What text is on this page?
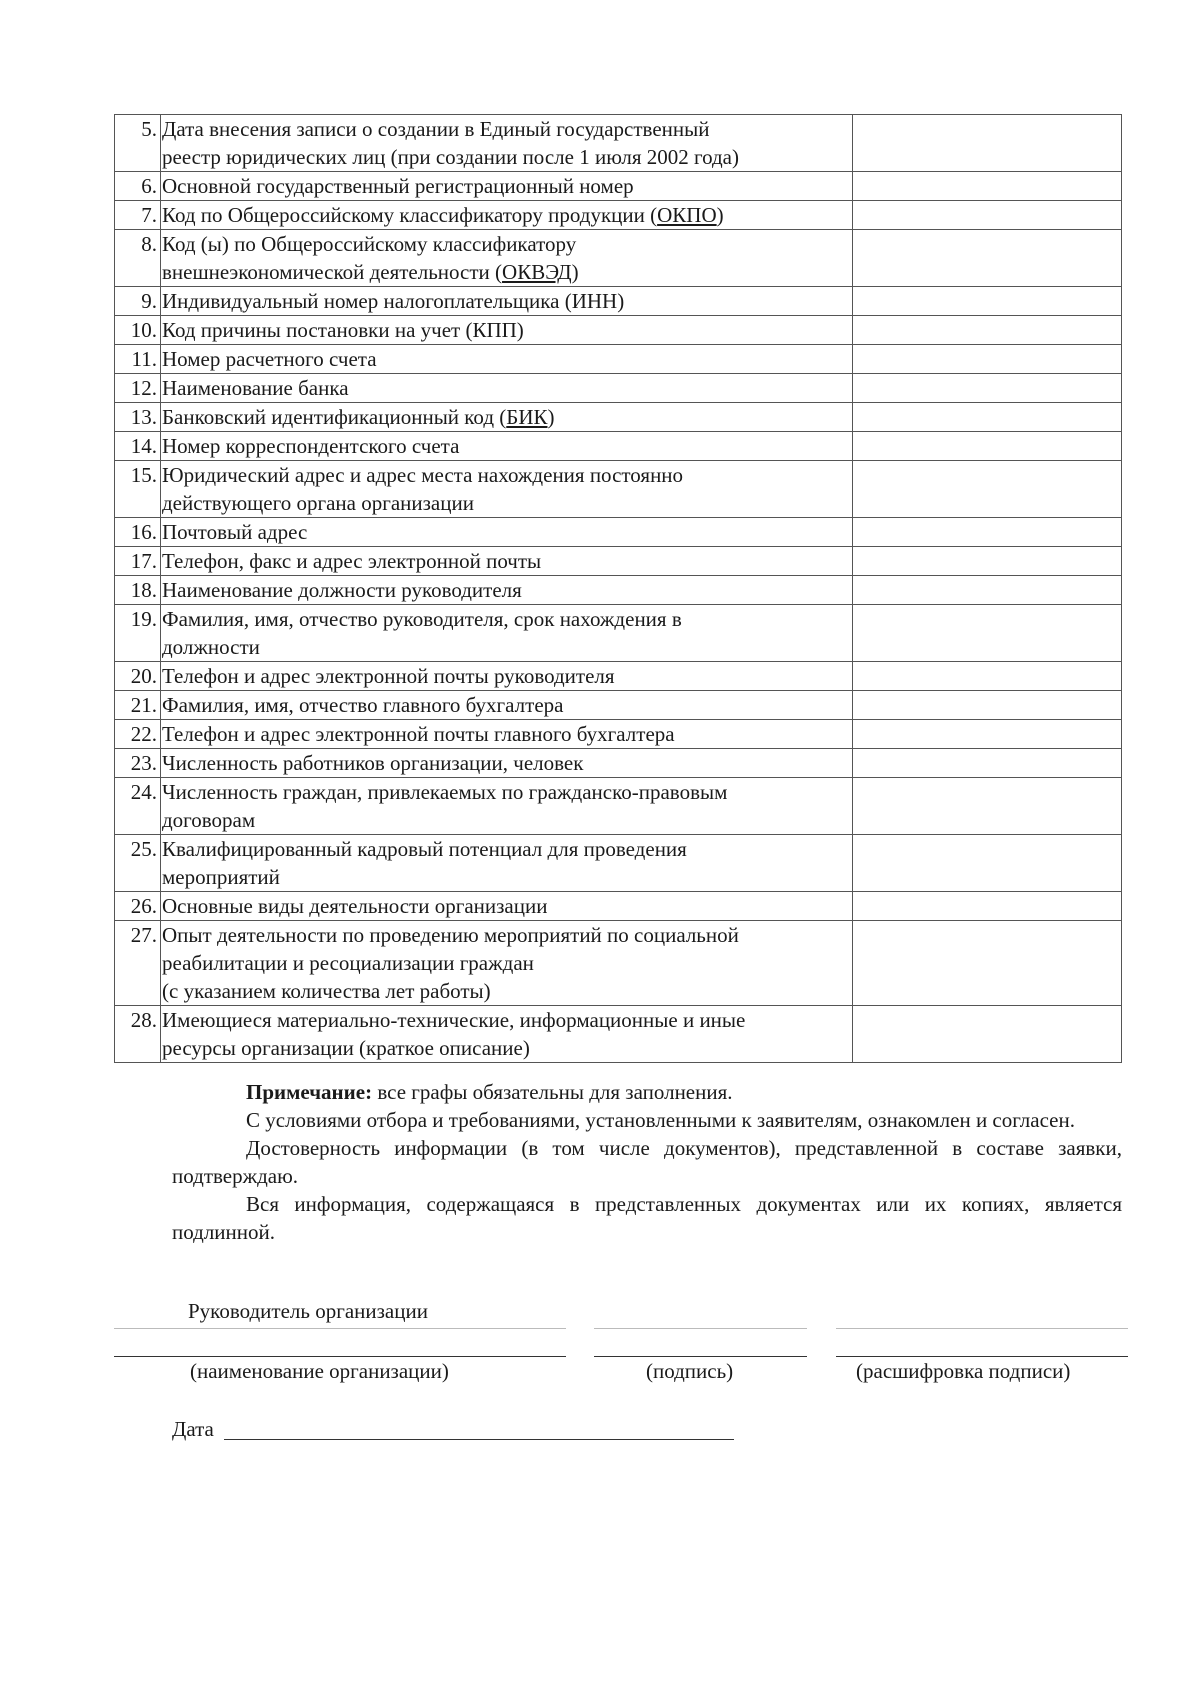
5.	Дата внесения записи о создании в Единый государственный
реестр юридических лиц (при создании после 1 июля 2002 года)	

6.	Основной государственный регистрационный номер	

7.	Код по Общероссийскому классификатору продукции (ОКПО)	

8.	Код (ы) по Общероссийскому классификатору
внешнеэкономической деятельности (ОКВЭД)	

9.	Индивидуальный номер налогоплательщика (ИНН)	

10.	Код причины постановки на учет (КПП)	

11.	Номер расчетного счета	

12.	Наименование банка	

13.	Банковский идентификационный код (БИК)	

14.	Номер корреспондентского счета	

15.	Юридический адрес и адрес места нахождения постоянно
действующего органа организации	

16.	Почтовый адрес	

17.	Телефон, факс и адрес электронной почты	

18.	Наименование должности руководителя	

19.	Фамилия, имя, отчество руководителя, срок нахождения в
должности	

20.	Телефон и адрес электронной почты руководителя	

21.	Фамилия, имя, отчество главного бухгалтера	

22.	Телефон и адрес электронной почты главного бухгалтера	

23.	Численность работников организации, человек	

24.	Численность граждан, привлекаемых по гражданско-правовым
договорам	

25.	Квалифицированный кадровый потенциал для проведения
мероприятий	

26.	Основные виды деятельности организации	

27.	Опыт деятельности по проведению мероприятий по социальной
реабилитации и ресоциализации граждан
(с указанием количества лет работы)	

28.	Имеющиеся материально-технические, информационные и иные
ресурсы организации (краткое описание)	

Примечание: все графы обязательны для заполнения.

С условиями отбора и требованиями, установленными к заявителям, ознакомлен и согласен.

Достоверность информации (в том числе документов), представленной в составе заявки, подтверждаю.

Вся информация, содержащаяся в представленных документах или их копиях, является подлинной.

Руководитель организации
(наименование организации)	(подпись)	(расшифровка подписи)
Дата
